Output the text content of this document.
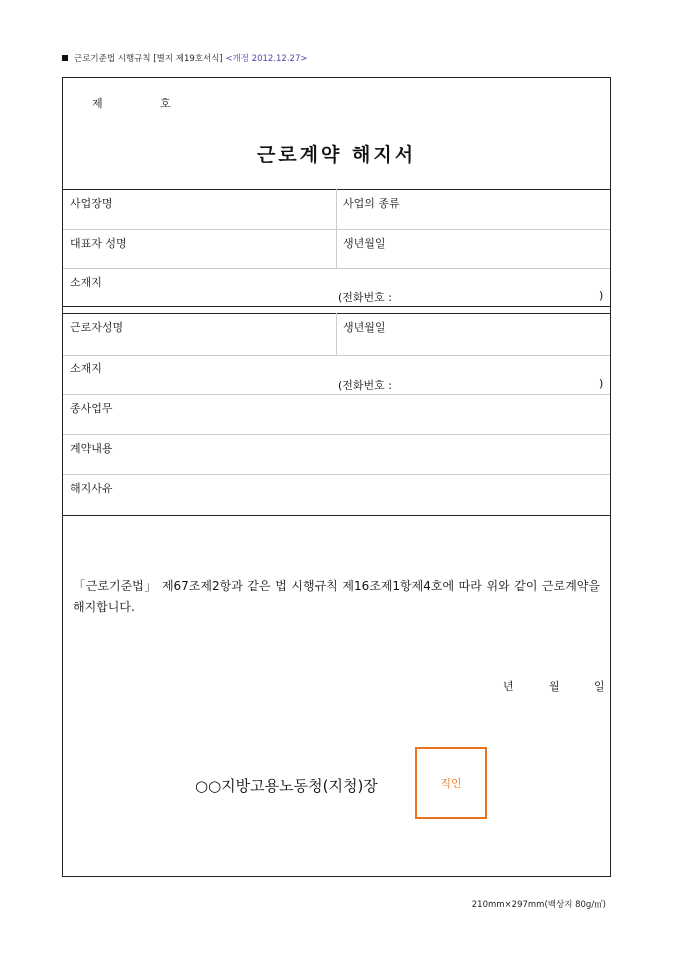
근로기준법 시행규칙 [별지 제19호서식] <개정 2012.12.27>
제	호
근로계약 해지서
사업장명	사업의 종류
대표자 성명	생년월일
소재지
(전화번호 :	)
근로자성명	생년월일
소재지
(전화번호 :	)
종사업무
계약내용
해지사유
「근로기준법」 제67조제2항과 같은 법 시행규칙 제16조제1항제4호에 따라 위와 같이 근로계약을 해지합니다.
년	월	일
○○지방고용노동청(지청)장	직인
210mm×297mm(백상지 80g/㎡)
